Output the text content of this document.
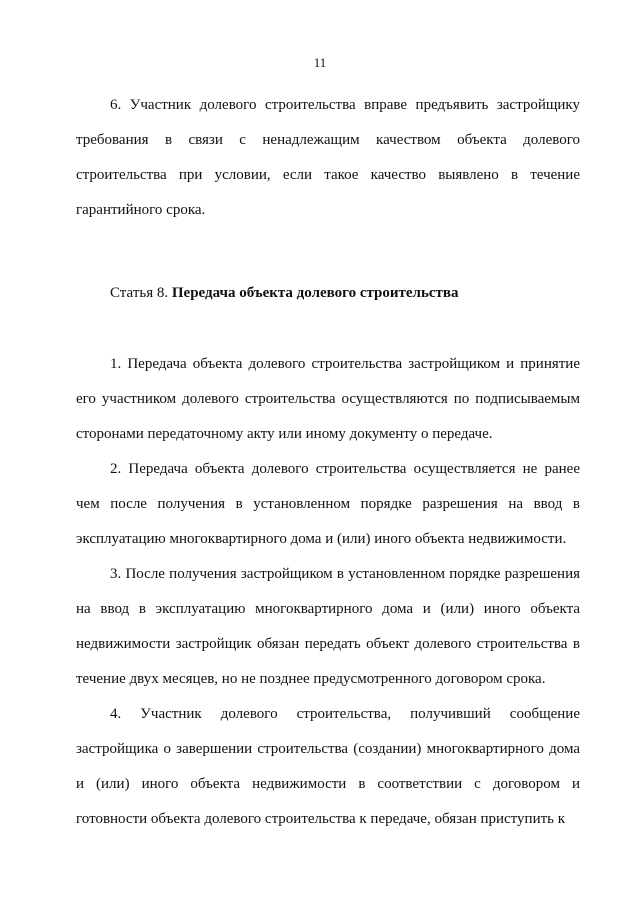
11

6. Участник долевого строительства вправе предъявить застройщику требования в связи с ненадлежащим качеством объекта долевого строительства при условии, если такое качество выявлено в течение гарантийного срока.

Статья 8. Передача объекта долевого строительства

1. Передача объекта долевого строительства застройщиком и принятие его участником долевого строительства осуществляются по подписываемым сторонами передаточному акту или иному документу о передаче.

2. Передача объекта долевого строительства осуществляется не ранее чем после получения в установленном порядке разрешения на ввод в эксплуатацию многоквартирного дома и (или) иного объекта недвижимости.

3. После получения застройщиком в установленном порядке разрешения на ввод в эксплуатацию многоквартирного дома и (или) иного объекта недвижимости застройщик обязан передать объект долевого строительства в течение двух месяцев, но не позднее предусмотренного договором срока.

4. Участник долевого строительства, получивший сообщение застройщика о завершении строительства (создании) многоквартирного дома и (или) иного объекта недвижимости в соответствии с договором и готовности объекта долевого строительства к передаче, обязан приступить к
